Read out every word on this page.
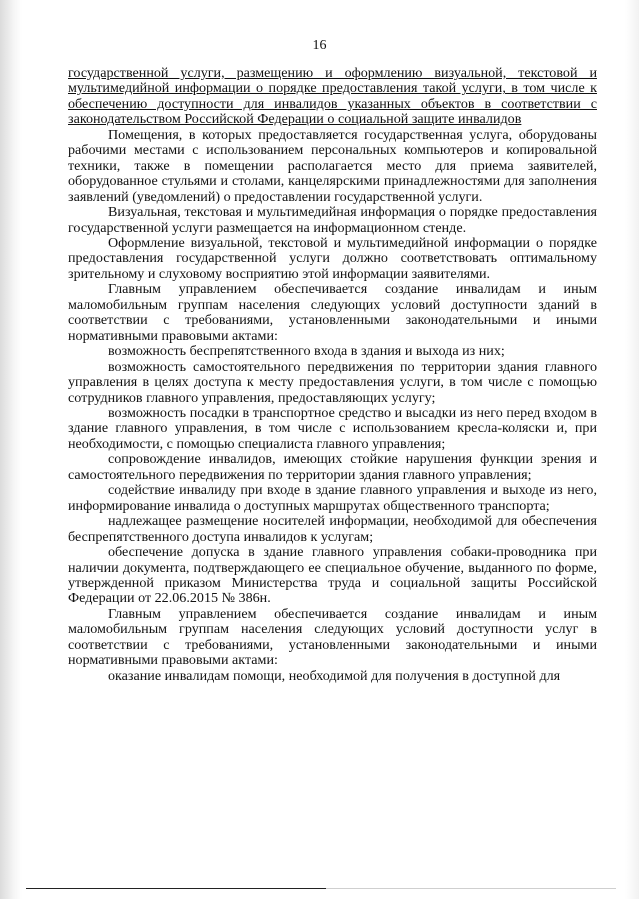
16

государственной услуги, размещению и оформлению визуальной, текстовой и мультимедийной информации о порядке предоставления такой услуги, в том числе к обеспечению доступности для инвалидов указанных объектов в соответствии с законодательством Российской Федерации о социальной защите инвалидов

Помещения, в которых предоставляется государственная услуга, оборудованы рабочими местами с использованием персональных компьютеров и копировальной техники, также в помещении располагается место для приема заявителей, оборудованное стульями и столами, канцелярскими принадлежностями для заполнения заявлений (уведомлений) о предоставлении государственной услуги.

Визуальная, текстовая и мультимедийная информация о порядке предоставления государственной услуги размещается на информационном стенде.

Оформление визуальной, текстовой и мультимедийной информации о порядке предоставления государственной услуги должно соответствовать оптимальному зрительному и слуховому восприятию этой информации заявителями.

Главным управлением обеспечивается создание инвалидам и иным маломобильным группам населения следующих условий доступности зданий в соответствии с требованиями, установленными законодательными и иными нормативными правовыми актами:

возможность беспрепятственного входа в здания и выхода из них;

возможность самостоятельного передвижения по территории здания главного управления в целях доступа к месту предоставления услуги, в том числе с помощью сотрудников главного управления, предоставляющих услугу;

возможность посадки в транспортное средство и высадки из него перед входом в здание главного управления, в том числе с использованием кресла-коляски и, при необходимости, с помощью специалиста главного управления;

сопровождение инвалидов, имеющих стойкие нарушения функции зрения и самостоятельного передвижения по территории здания главного управления;

содействие инвалиду при входе в здание главного управления и выходе из него, информирование инвалида о доступных маршрутах общественного транспорта;

надлежащее размещение носителей информации, необходимой для обеспечения беспрепятственного доступа инвалидов к услугам;

обеспечение допуска в здание главного управления собаки-проводника при наличии документа, подтверждающего ее специальное обучение, выданного по форме, утвержденной приказом Министерства труда и социальной защиты Российской Федерации от 22.06.2015 № 386н.

Главным управлением обеспечивается создание инвалидам и иным маломобильным группам населения следующих условий доступности услуг в соответствии с требованиями, установленными законодательными и иными нормативными правовыми актами:

оказание инвалидам помощи, необходимой для получения в доступной для
